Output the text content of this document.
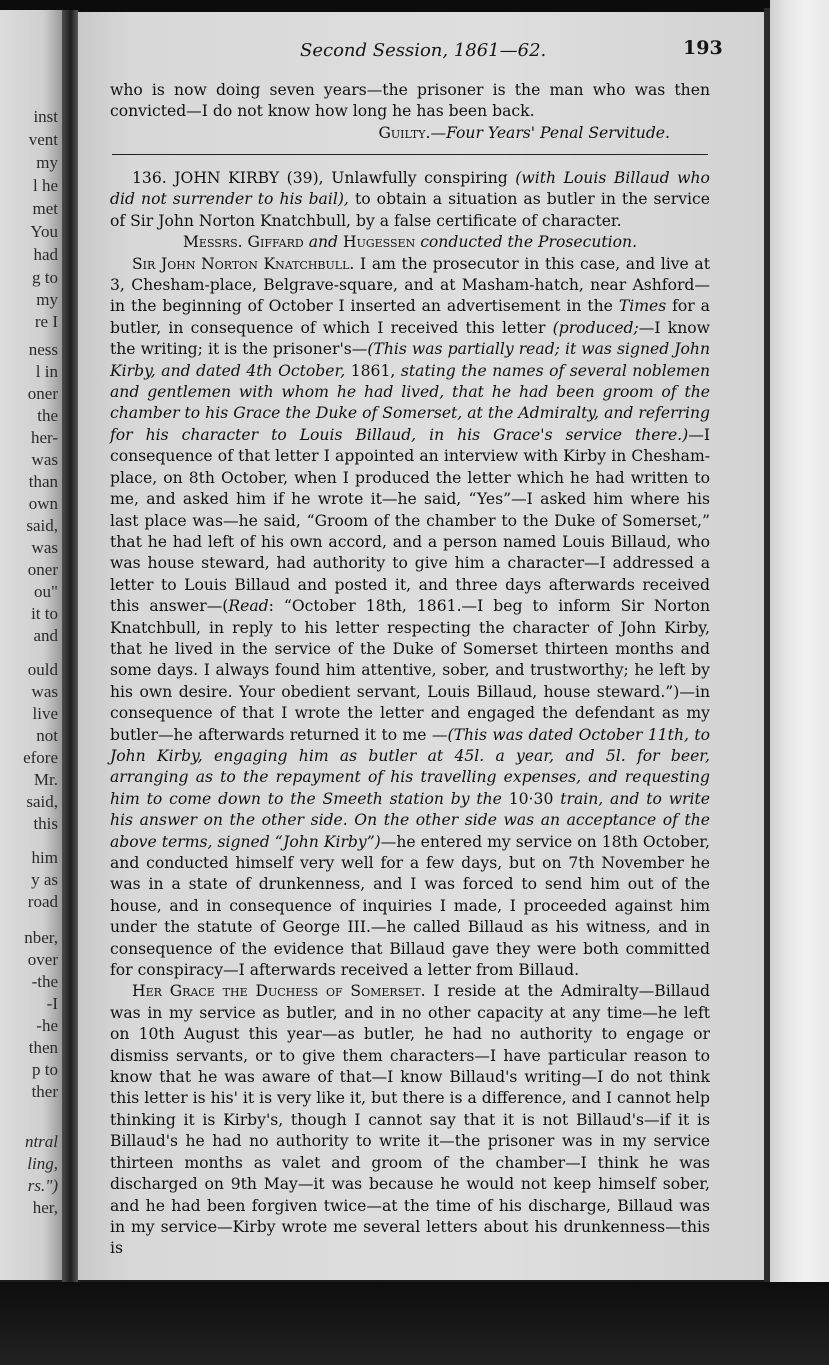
inst
vent
my
l he
met
You
had
g to
my
re I
ness
l in
oner
the
her-
was
than
own
said,
was
oner
ou"
it to
and
ould
was
live
not
efore
Mr.
said,
this
him
y as
road
nber,
over
-the
-I
-he
then
p to
ther
ntral
ling,
rs.")
her,
Second Session, 1861—62.	193
who is now doing seven years—the prisoner is the man who was then convicted—I do not know how long he has been back.
Guilty.—Four Years' Penal Servitude.
136. JOHN KIRBY (39), Unlawfully conspiring (with Louis Billaud who did not surrender to his bail), to obtain a situation as butler in the service of Sir John Norton Knatchbull, by a false certificate of character.
Messrs. Giffard and Hugessen conducted the Prosecution.
Sir John Norton Knatchbull. I am the prosecutor in this case, and live at 3, Chesham-place, Belgrave-square, and at Masham-hatch, near Ashford—in the beginning of October I inserted an advertisement in the Times for a butler, in consequence of which I received this letter (produced;—I know the writing; it is the prisoner's—(This was partially read; it was signed John Kirby, and dated 4th October, 1861, stating the names of several noblemen and gentlemen with whom he had lived, that he had been groom of the chamber to his Grace the Duke of Somerset, at the Admiralty, and referring for his character to Louis Billaud, in his Grace's service there.)—I consequence of that letter I appointed an interview with Kirby in Chesham-place, on 8th October, when I produced the letter which he had written to me, and asked him if he wrote it—he said, “Yes”—I asked him where his last place was—he said, “Groom of the chamber to the Duke of Somerset,” that he had left of his own accord, and a person named Louis Billaud, who was house steward, had authority to give him a character—I addressed a letter to Louis Billaud and posted it, and three days afterwards received this answer—(Read: “October 18th, 1861.—I beg to inform Sir Norton Knatchbull, in reply to his letter respecting the character of John Kirby, that he lived in the service of the Duke of Somerset thirteen months and some days. I always found him attentive, sober, and trustworthy; he left by his own desire. Your obedient servant, Louis Billaud, house steward.”)—in consequence of that I wrote the letter and engaged the defendant as my butler—he afterwards returned it to me —(This was dated October 11th, to John Kirby, engaging him as butler at 45l. a year, and 5l. for beer, arranging as to the repayment of his travelling expenses, and requesting him to come down to the Smeeth station by the 10·30 train, and to write his answer on the other side. On the other side was an acceptance of the above terms, signed “John Kirby”)—he entered my service on 18th October, and conducted himself very well for a few days, but on 7th November he was in a state of drunkenness, and I was forced to send him out of the house, and in consequence of inquiries I made, I proceeded against him under the statute of George III.—he called Billaud as his witness, and in consequence of the evidence that Billaud gave they were both committed for conspiracy—I afterwards received a letter from Billaud.
Her Grace the Duchess of Somerset. I reside at the Admiralty—Billaud was in my service as butler, and in no other capacity at any time—he left on 10th August this year—as butler, he had no authority to engage or dismiss servants, or to give them characters—I have particular reason to know that he was aware of that—I know Billaud's writing—I do not think this letter is his' it is very like it, but there is a difference, and I cannot help thinking it is Kirby's, though I cannot say that it is not Billaud's—if it is Billaud's he had no authority to write it—the prisoner was in my service thirteen months as valet and groom of the chamber—I think he was discharged on 9th May—it was because he would not keep himself sober, and he had been forgiven twice—at the time of his discharge, Billaud was in my service—Kirby wrote me several letters about his drunkenness—this is
